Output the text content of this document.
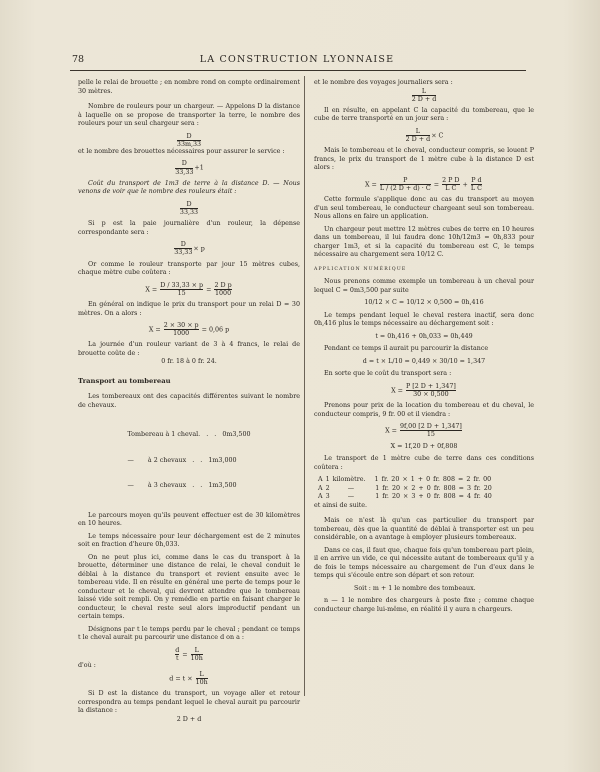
78	LA CONSTRUCTION LYONNAISE

pelle le relai de brouette ; en nombre rond on compte ordinairement 30 mètres.

Nombre de rouleurs pour un chargeur. — Appelons D la distance à laquelle on se propose de transporter la terre, le nombre des rouleurs pour un seul chargeur sera :

$\frac{D}{33m,33}$

et le nombre des brouettes nécessaires pour assurer le service :

$\frac{D}{33,33} +1$

Coût du transport de 1m3 de terre à la distance D. — Nous venons de voir que le nombre des rouleurs était :

$\frac{D}{33,33}$

Si p est la paie journalière d'un rouleur, la dépense correspondante sera :

$\frac{D}{33,33} \times p$

Or comme le rouleur transporte par jour 15 mètres cubes, chaque mètre cube coûtera :

$X = \frac{D / 33,33 \times p}{15} = \frac{\text{2 D p}}{1000}$

En général on indique le prix du transport pour un relai D = 30 mètres. On a alors :

$X = \frac{2 \times 30 \times p}{1000} = 0,06$ p

La journée d'un rouleur variant de 3 à 4 francs, le relai de brouette coûte de :

0 fr. 18 à 0 fr. 24.

Transport au tombereau

Les tombereaux ont des capacités différentes suivant le nombre de chevaux.

Tombereau à 1 cheval.   .   .   0m3,500

—       à 2 chevaux   .   .   1m3,000

—       à 3 chevaux   .   .   1m3,500

Le parcours moyen qu'ils peuvent effectuer est de 30 kilomètres en 10 heures.

Le temps nécessaire pour leur déchargement est de 2 minutes soit en fraction d'heure 0h,033.

On ne peut plus ici, comme dans le cas du transport à la brouette, déterminer une distance de relai, le cheval conduit le déblai à la distance du transport et revient ensuite avec le tombereau vide. Il en résulte en général une perte de temps pour le conducteur et le cheval, qui devront attendre que le tombereau laissé vide soit rempli. On y remédie en partie en faisant charger le conducteur, le cheval reste seul alors improductif pendant un certain temps.

Désignons par t le temps perdu par le cheval ; pendant ce temps t le cheval aurait pu parcourir une distance d on a :

$\frac{d}{t} = \frac{L}{10h}$

d'où :

$d = t \times \frac{L}{10h}$

Si D est la distance du transport, un voyage aller et retour correspondra au temps pendant lequel le cheval aurait pu parcourir la distance :

2 D + d

et le nombre des voyages journaliers sera :

$\frac{L}{2 D + d}$

Il en résulte, en appelant C la capacité du tombereau, que le cube de terre transporté en un jour sera :

$\frac{L}{2 D + d} \times C$

Mais le tombereau et le cheval, conducteur compris, se louent P francs, le prix du transport de 1 mètre cube à la distance D est alors :

$X = \frac{P}{L / (2 D + d) \cdot C} = \frac{\text{2 P D}}{\text{L C}} + \frac{\text{P d}}{\text{L C}}$

Cette formule s'applique donc au cas du transport au moyen d'un seul tombereau, le conducteur chargeant seul son tombereau. Nous allons en faire un application.

Un chargeur peut mettre 12 mètres cubes de terre en 10 heures dans un tombereau, il lui faudra donc 10h/12m3 = 0h,833 pour charger 1m3, et si la capacité du tombereau est C, le temps nécessaire au chargement sera 10/12 C.

APPLICATION NUMÉRIQUE

Nous prenons comme exemple un tombereau à un cheval pour lequel C = 0m3,500 par suite

10/12 × C = 10/12 × 0,500 = 0h,416

Le temps pendant lequel le cheval restera inactif, sera donc 0h,416 plus le temps nécessaire au déchargement soit :

t = 0h,416 + 0h,033 = 0h,449

Pendant ce temps il aurait pu parcourir la distance

d = t × L/10 = 0,449 × 30/10 = 1,347

En sorte que le coût du transport sera :

$X = \frac{P [2 D + 1,347]}{30 \times 0,500}$

Prenons pour prix de la location du tombereau et du cheval, le conducteur compris, 9 fr. 00 et il viendra :

$X = \frac{9f,00 [2 D + 1,347]}{15}$

X = 1f,20 D + 0f,808

Le transport de 1 mètre cube de terre dans ces conditions coûtera :

A 1 kilomètre.   1 fr. 20 × 1 + 0 fr. 808 = 2 fr. 00
A 2      —       1 fr. 20 × 2 + 0 fr. 808 = 3 fr. 20
A 3      —       1 fr. 20 × 3 + 0 fr. 808 = 4 fr. 40

et ainsi de suite.

Mais ce n'est là qu'un cas particulier du transport par tombereau, dès que la quantité de déblai à transporter est un peu considérable, on a avantage à employer plusieurs tombereaux.

Dans ce cas, il faut que, chaque fois qu'un tombereau part plein, il en arrive un vide, ce qui nécessite autant de tombereaux qu'il y a de fois le temps nécessaire au chargement de l'un d'eux dans le temps qui s'écoule entre son départ et son retour.

Soit : m + 1 le nombre des tombeaux.

n — 1 le nombre des chargeurs à poste fixe ; comme chaque conducteur charge lui-même, en réalité il y aura n chargeurs.
